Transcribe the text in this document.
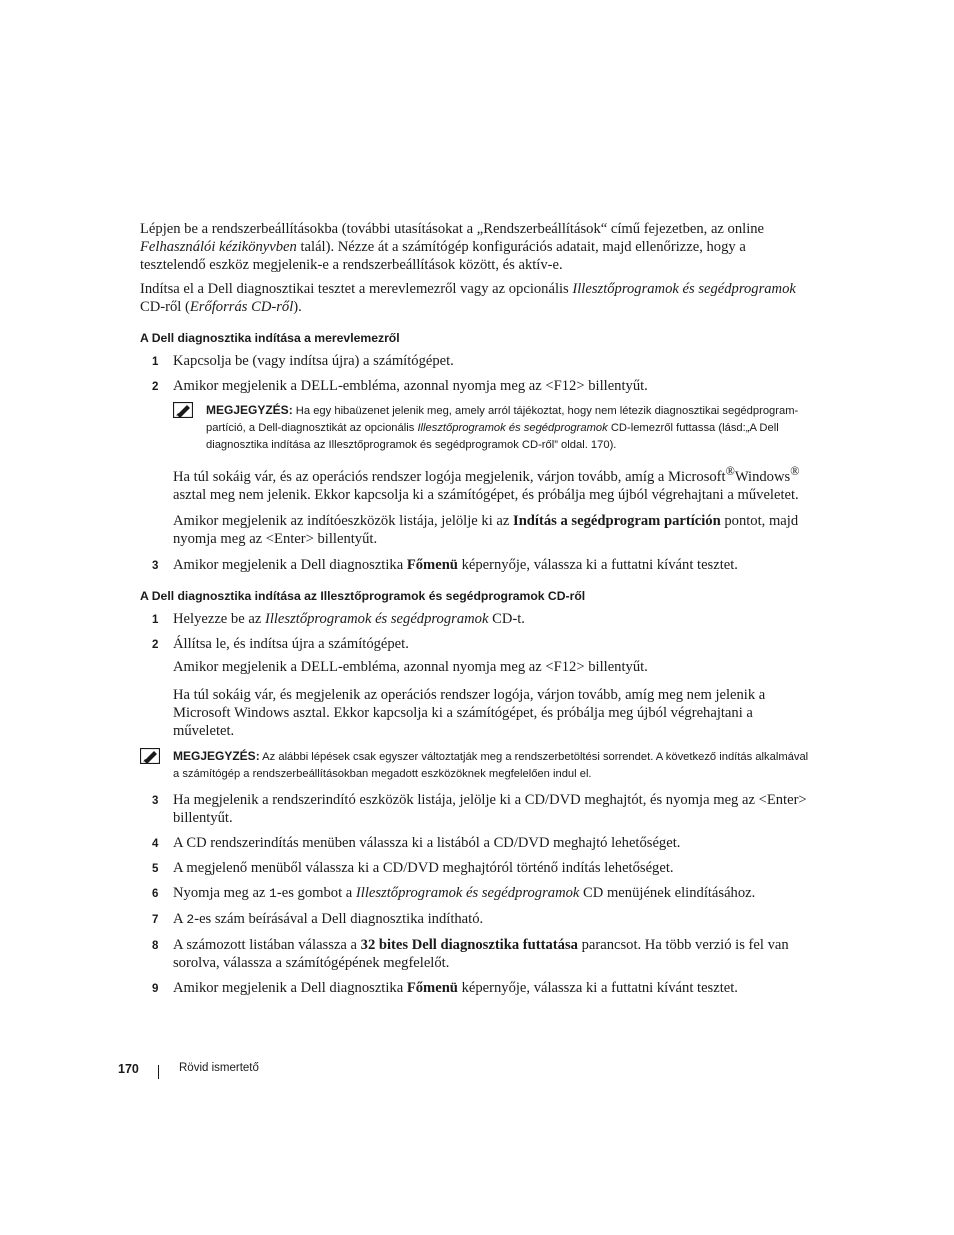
Lépjen be a rendszerbeállításokba (további utasításokat a „Rendszerbeállítások“ című fejezetben, az online Felhasználói kézikönyvben talál). Nézze át a számítógép konfigurációs adatait, majd ellenőrizze, hogy a tesztelendő eszköz megjelenik-e a rendszerbeállítások között, és aktív-e.

Indítsa el a Dell diagnosztikai tesztet a merevlemezről vagy az opcionális Illesztőprogramok és segédprogramok CD-ről (Erőforrás CD-ről).

A Dell diagnosztika indítása a merevlemezről
1 Kapcsolja be (vagy indítsa újra) a számítógépet.
2 Amikor megjelenik a DELL-embléma, azonnal nyomja meg az <F12> billentyűt.
MEGJEGYZÉS: Ha egy hibaüzenet jelenik meg, amely arról tájékoztat, hogy nem létezik diagnosztikai segédprogram-partíció, a Dell-diagnosztikát az opcionális Illesztőprogramok és segédprogramok CD-lemezről futtassa (lásd:„A Dell diagnosztika indítása az Illesztőprogramok és segédprogramok CD-ről” oldal. 170).

Ha túl sokáig vár, és az operációs rendszer logója megjelenik, várjon tovább, amíg a Microsoft®Windows® asztal meg nem jelenik. Ekkor kapcsolja ki a számítógépet, és próbálja meg újból végrehajtani a műveletet.

Amikor megjelenik az indítóeszközök listája, jelölje ki az Indítás a segédprogram partíción pontot, majd nyomja meg az <Enter> billentyűt.

3 Amikor megjelenik a Dell diagnosztika Főmenü képernyője, válassza ki a futtatni kívánt tesztet.
A Dell diagnosztika indítása az Illesztőprogramok és segédprogramok CD-ről
1 Helyezze be az Illesztőprogramok és segédprogramok CD-t.
2 Állítsa le, és indítsa újra a számítógépet.

Amikor megjelenik a DELL-embléma, azonnal nyomja meg az <F12> billentyűt.

Ha túl sokáig vár, és megjelenik az operációs rendszer logója, várjon tovább, amíg meg nem jelenik a Microsoft Windows asztal. Ekkor kapcsolja ki a számítógépet, és próbálja meg újból végrehajtani a műveletet.

MEGJEGYZÉS: Az alábbi lépések csak egyszer változtatják meg a rendszerbetöltési sorrendet. A következő indítás alkalmával a számítógép a rendszerbeállításokban megadott eszközöknek megfelelően indul el.
3 Ha megjelenik a rendszerindító eszközök listája, jelölje ki a CD/DVD meghajtót, és nyomja meg az <Enter> billentyűt.
4 A CD rendszerindítás menüben válassza ki a listából a CD/DVD meghajtó lehetőséget.
5 A megjelenő menüből válassza ki a CD/DVD meghajtóról történő indítás lehetőséget.
6 Nyomja meg az 1-es gombot a Illesztőprogramok és segédprogramok CD menüjének elindításához.
7 A 2-es szám beírásával a Dell diagnosztika indítható.
8 A számozott listában válassza a 32 bites Dell diagnosztika futtatása parancsot. Ha több verzió is fel van sorolva, válassza a számítógépének megfelelőt.
9 Amikor megjelenik a Dell diagnosztika Főmenü képernyője, válassza ki a futtatni kívánt tesztet.
170	Rövid ismertető
